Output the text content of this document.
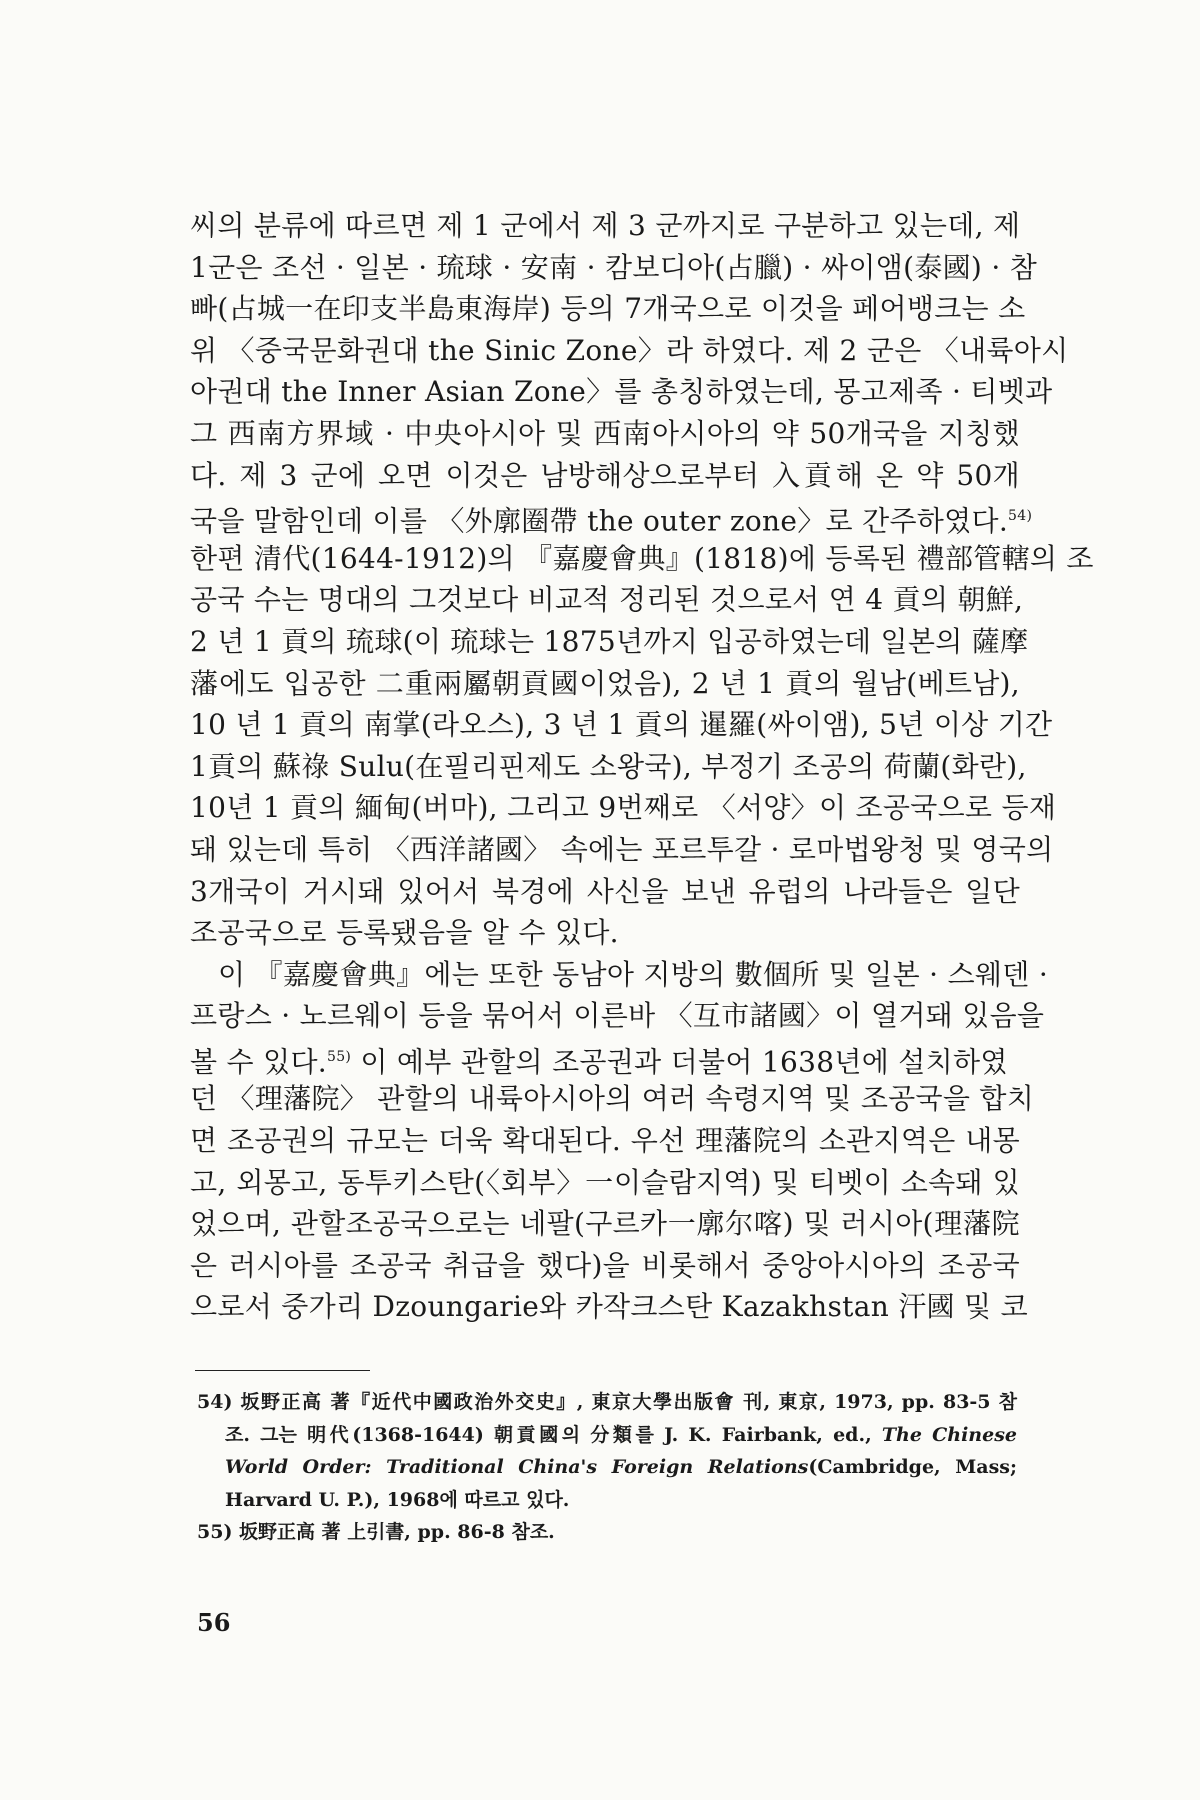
씨의 분류에 따르면 제 1 군에서 제 3 군까지로 구분하고 있는데, 제
1군은 조선 · 일본 · 琉球 · 安南 · 캄보디아(占臘) · 싸이앰(泰國) · 참
빠(占城一在印支半島東海岸) 등의 7개국으로 이것을 페어뱅크는 소
위 〈중국문화권대 the Sinic Zone〉라 하였다. 제 2 군은 〈내륙아시
아권대 the Inner Asian Zone〉를 총칭하였는데, 몽고제족 · 티벳과
그 西南方界域 · 中央아시아 및 西南아시아의 약 50개국을 지칭했
다. 제 3 군에 오면 이것은 남방해상으로부터 入貢해 온 약 50개
국을 말함인데 이를 〈外廓圈帶 the outer zone〉로 간주하였다.$^{54)}$
한편 清代(1644-1912)의 『嘉慶會典』(1818)에 등록된 禮部管轄의 조
공국 수는 명대의 그것보다 비교적 정리된 것으로서 연 4 貢의 朝鮮,
2 년 1 貢의 琉球(이 琉球는 1875년까지 입공하였는데 일본의 薩摩
藩에도 입공한 二重兩屬朝貢國이었음), 2 년 1 貢의 월남(베트남),
10 년 1 貢의 南掌(라오스), 3 년 1 貢의 暹羅(싸이앰), 5년 이상 기간
1貢의 蘇祿 Sulu(在필리핀제도 소왕국), 부정기 조공의 荷蘭(화란),
10년 1 貢의 緬甸(버마), 그리고 9번째로 〈서양〉이 조공국으로 등재
돼 있는데 특히 〈西洋諸國〉 속에는 포르투갈 · 로마법왕청 및 영국의
3개국이 거시돼 있어서 북경에 사신을 보낸 유럽의 나라들은 일단
조공국으로 등록됐음을 알 수 있다.
이 『嘉慶會典』에는 또한 동남아 지방의 數個所 및 일본 · 스웨덴 ·
프랑스 · 노르웨이 등을 묶어서 이른바 〈互市諸國〉이 열거돼 있음을
볼 수 있다.$^{55)}$ 이 예부 관할의 조공권과 더불어 1638년에 설치하였
던 〈理藩院〉 관할의 내륙아시아의 여러 속령지역 및 조공국을 합치
면 조공권의 규모는 더욱 확대된다. 우선 理藩院의 소관지역은 내몽
고, 외몽고, 동투키스탄(〈회부〉一이슬람지역) 및 티벳이 소속돼 있
었으며, 관할조공국으로는 네팔(구르카一廓尔喀) 및 러시아(理藩院
은 러시아를 조공국 취급을 했다)을 비롯해서 중앙아시아의 조공국
으로서 중가리 Dzoungarie와 카작크스탄 Kazakhstan 汗國 및 코
54) 坂野正高 著『近代中國政治外交史』, 東京大學出版會 刊, 東京, 1973, pp. 83-5 참
조. 그는 明代(1368-1644) 朝貢國의 分類를 J. K. Fairbank, ed., The Chinese
World Order: Traditional China's Foreign Relations(Cambridge, Mass;
Harvard U. P.), 1968에 따르고 있다.
55) 坂野正高 著 上引書, pp. 86-8 참조.
56
